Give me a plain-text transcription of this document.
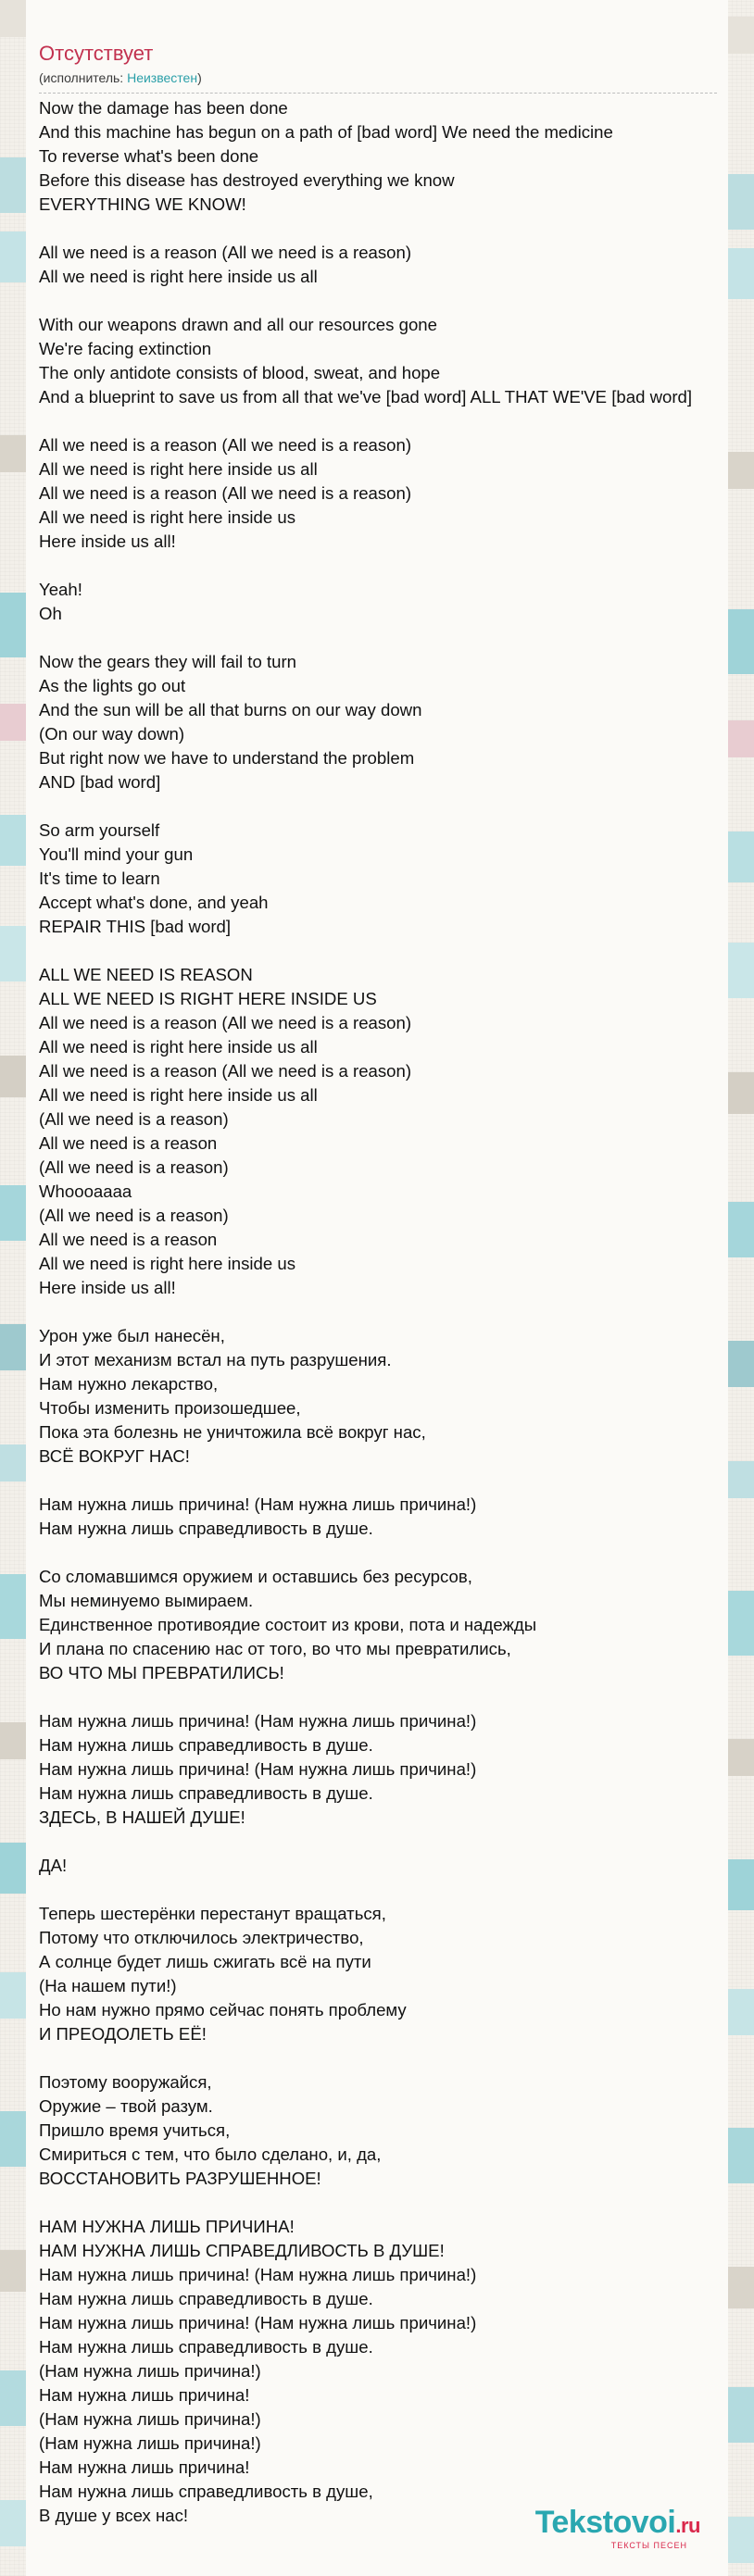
Отсутствует
(исполнитель: Неизвестен)
Now the damage has been done
And this machine has begun on a path of [bad word] We need the medicine
To reverse what's been done
Before this disease has destroyed everything we know
EVERYTHING WE KNOW!
All we need is a reason (All we need is a reason)
All we need is right here inside us all
With our weapons drawn and all our resources gone
We're facing extinction
The only antidote consists of blood, sweat, and hope
And a blueprint to save us from all that we've [bad word] ALL THAT WE'VE [bad word]
All we need is a reason (All we need is a reason)
All we need is right here inside us all
All we need is a reason (All we need is a reason)
All we need is right here inside us
Here inside us all!
Yeah!
Oh
Now the gears they will fail to turn
As the lights go out
And the sun will be all that burns on our way down
(On our way down)
But right now we have to understand the problem
AND [bad word]
So arm yourself
You'll mind your gun
It's time to learn
Accept what's done, and yeah
REPAIR THIS [bad word]
ALL WE NEED IS REASON
ALL WE NEED IS RIGHT HERE INSIDE US
All we need is a reason (All we need is a reason)
All we need is right here inside us all
All we need is a reason (All we need is a reason)
All we need is right here inside us all
(All we need is a reason)
All we need is a reason
(All we need is a reason)
Whoooaaaa
(All we need is a reason)
All we need is a reason
All we need is right here inside us
Here inside us all!
Урон уже был нанесён,
И этот механизм встал на путь разрушения.
Нам нужно лекарство,
Чтобы изменить произошедшее,
Пока эта болезнь не уничтожила всё вокруг нас,
ВСЁ ВОКРУГ НАС!
Нам нужна лишь причина! (Нам нужна лишь причина!)
Нам нужна лишь справедливость в душе.
Со сломавшимся оружием и оставшись без ресурсов,
Мы неминуемо вымираем.
Единственное противоядие состоит из крови, пота и надежды
И плана по спасению нас от того, во что мы превратились,
ВО ЧТО МЫ ПРЕВРАТИЛИСЬ!
Нам нужна лишь причина! (Нам нужна лишь причина!)
Нам нужна лишь справедливость в душе.
Нам нужна лишь причина! (Нам нужна лишь причина!)
Нам нужна лишь справедливость в душе.
ЗДЕСЬ, В НАШЕЙ ДУШЕ!
ДА!
Теперь шестерёнки перестанут вращаться,
Потому что отключилось электричество,
А солнце будет лишь сжигать всё на пути
(На нашем пути!)
Но нам нужно прямо сейчас понять проблему
И ПРЕОДОЛЕТЬ ЕЁ!
Поэтому вооружайся,
Оружие – твой разум.
Пришло время учиться,
Смириться с тем, что было сделано, и, да,
ВОССТАНОВИТЬ РАЗРУШЕННОЕ!
НАМ НУЖНА ЛИШЬ ПРИЧИНА!
НАМ НУЖНА ЛИШЬ СПРАВЕДЛИВОСТЬ В ДУШЕ!
Нам нужна лишь причина! (Нам нужна лишь причина!)
Нам нужна лишь справедливость в душе.
Нам нужна лишь причина! (Нам нужна лишь причина!)
Нам нужна лишь справедливость в душе.
(Нам нужна лишь причина!)
Нам нужна лишь причина!
(Нам нужна лишь причина!)
(Нам нужна лишь причина!)
Нам нужна лишь причина!
Нам нужна лишь справедливость в душе,
В душе у всех нас!	Tekstovoi.ru
ТЕКСТЫ ПЕСЕН
